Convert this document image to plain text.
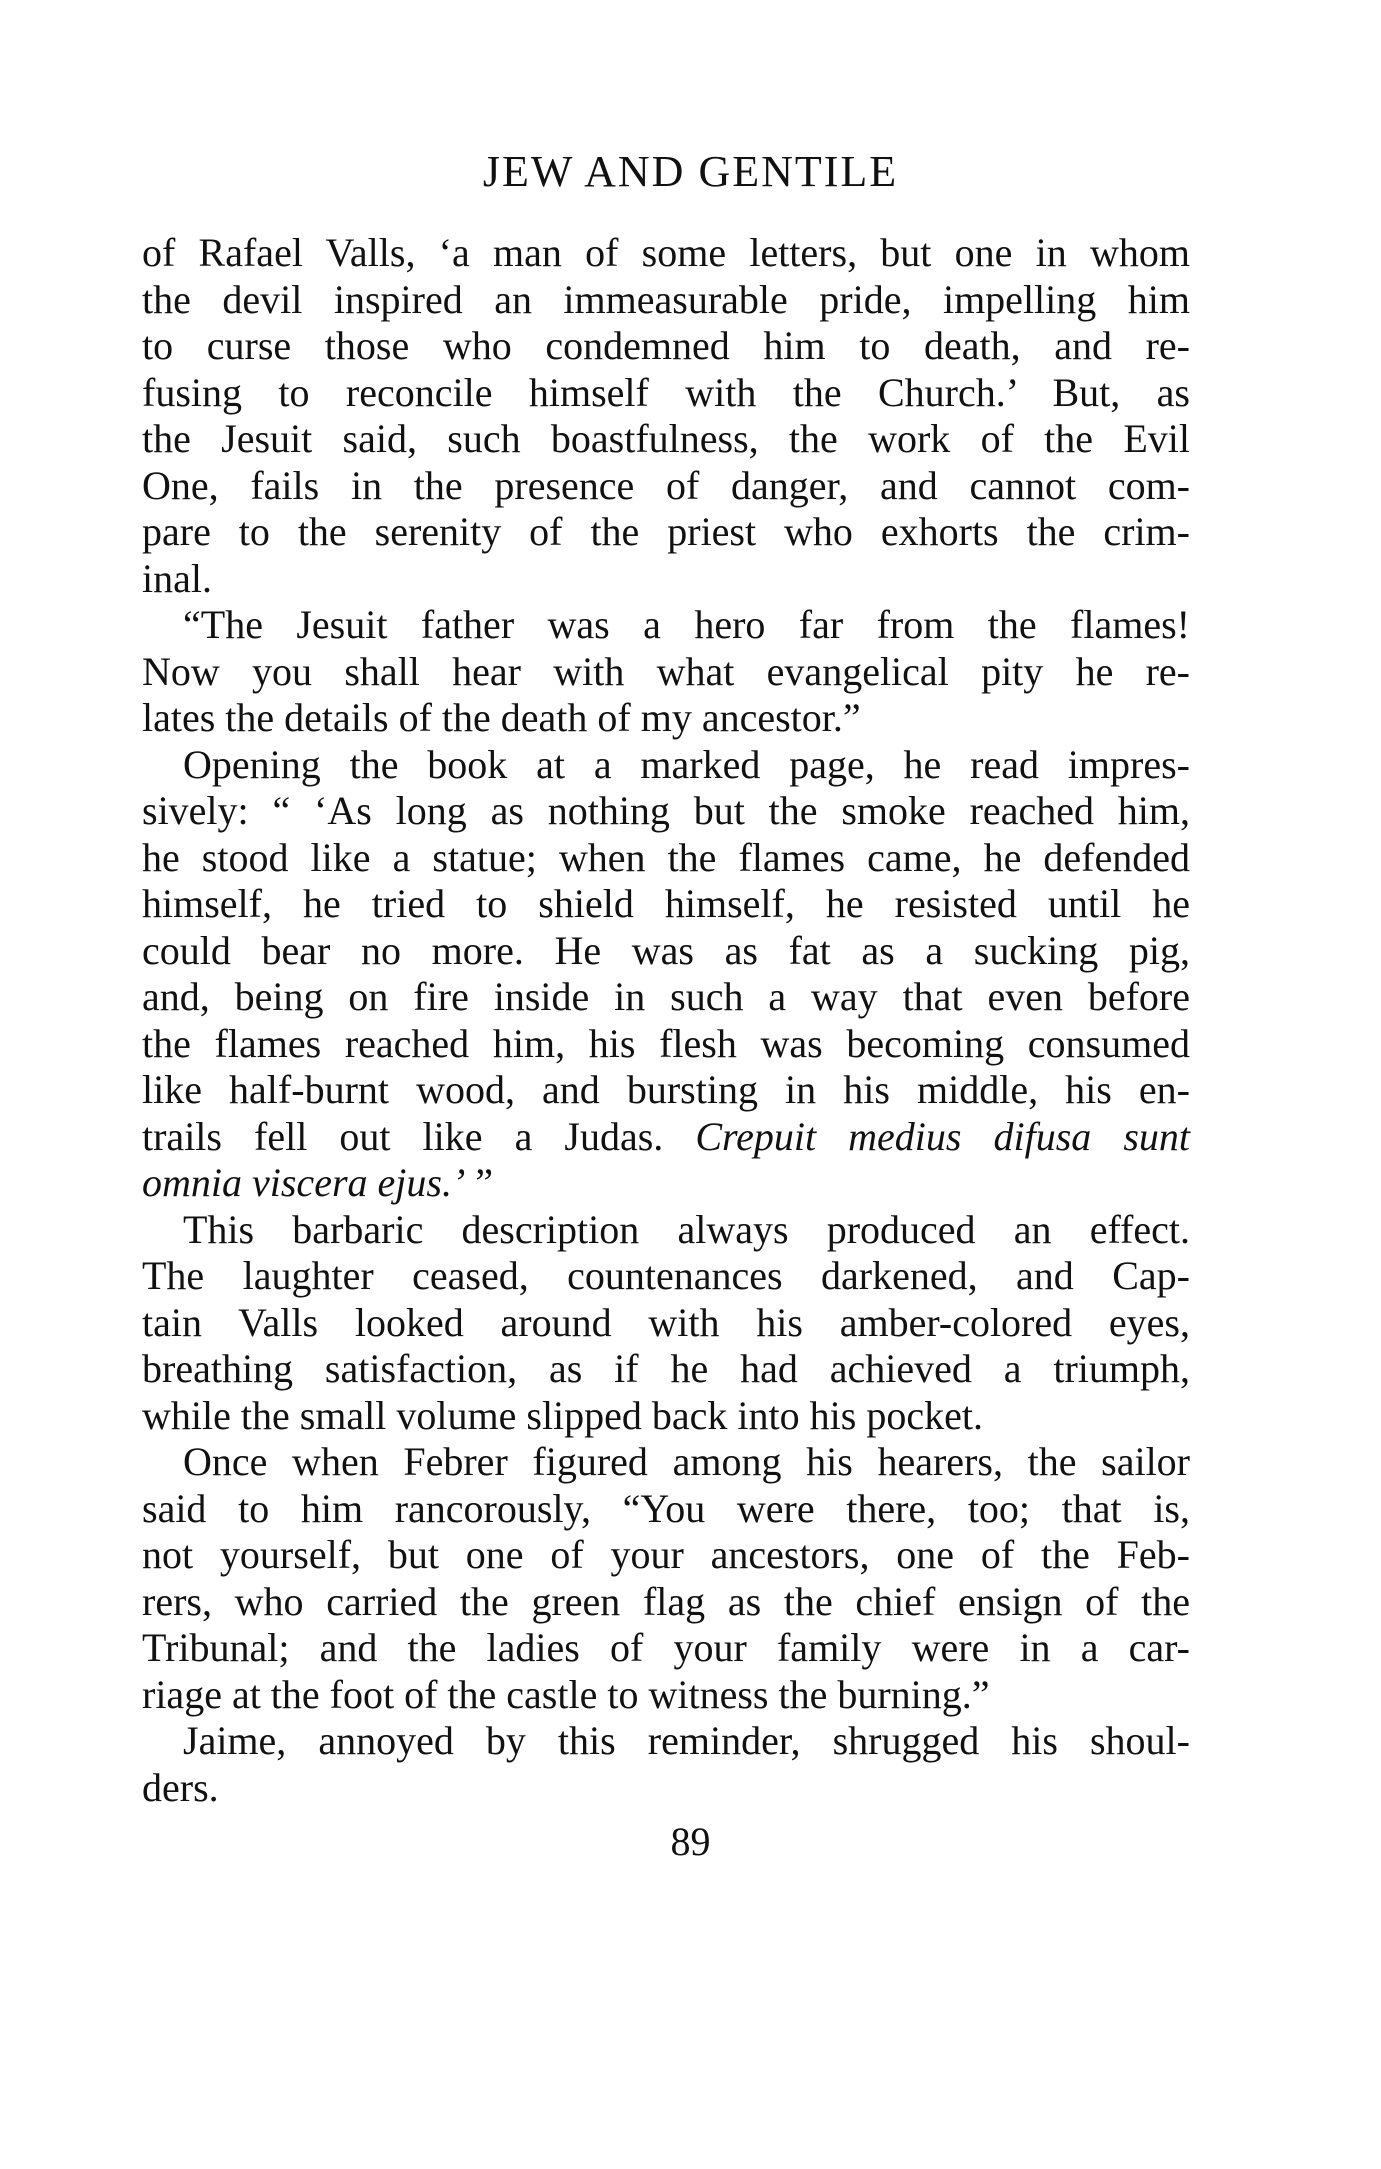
JEW AND GENTILE
of Rafael Valls, ‘a man of some letters, but one in whom
the devil inspired an immeasurable pride, impelling him
to curse those who condemned him to death, and re-
fusing to reconcile himself with the Church.’ But, as
the Jesuit said, such boastfulness, the work of the Evil
One, fails in the presence of danger, and cannot com-
pare to the serenity of the priest who exhorts the crim-
inal.
“The Jesuit father was a hero far from the flames!
Now you shall hear with what evangelical pity he re-
lates the details of the death of my ancestor.”
Opening the book at a marked page, he read impres-
sively: “ ‘As long as nothing but the smoke reached him,
he stood like a statue; when the flames came, he defended
himself, he tried to shield himself, he resisted until he
could bear no more. He was as fat as a sucking pig,
and, being on fire inside in such a way that even before
the flames reached him, his flesh was becoming consumed
like half-burnt wood, and bursting in his middle, his en-
trails fell out like a Judas. Crepuit medius difusa sunt
omnia viscera ejus.’ ”
This barbaric description always produced an effect.
The laughter ceased, countenances darkened, and Cap-
tain Valls looked around with his amber-colored eyes,
breathing satisfaction, as if he had achieved a triumph,
while the small volume slipped back into his pocket.
Once when Febrer figured among his hearers, the sailor
said to him rancorously, “You were there, too; that is,
not yourself, but one of your ancestors, one of the Feb-
rers, who carried the green flag as the chief ensign of the
Tribunal; and the ladies of your family were in a car-
riage at the foot of the castle to witness the burning.”
Jaime, annoyed by this reminder, shrugged his shoul-
ders.
89
